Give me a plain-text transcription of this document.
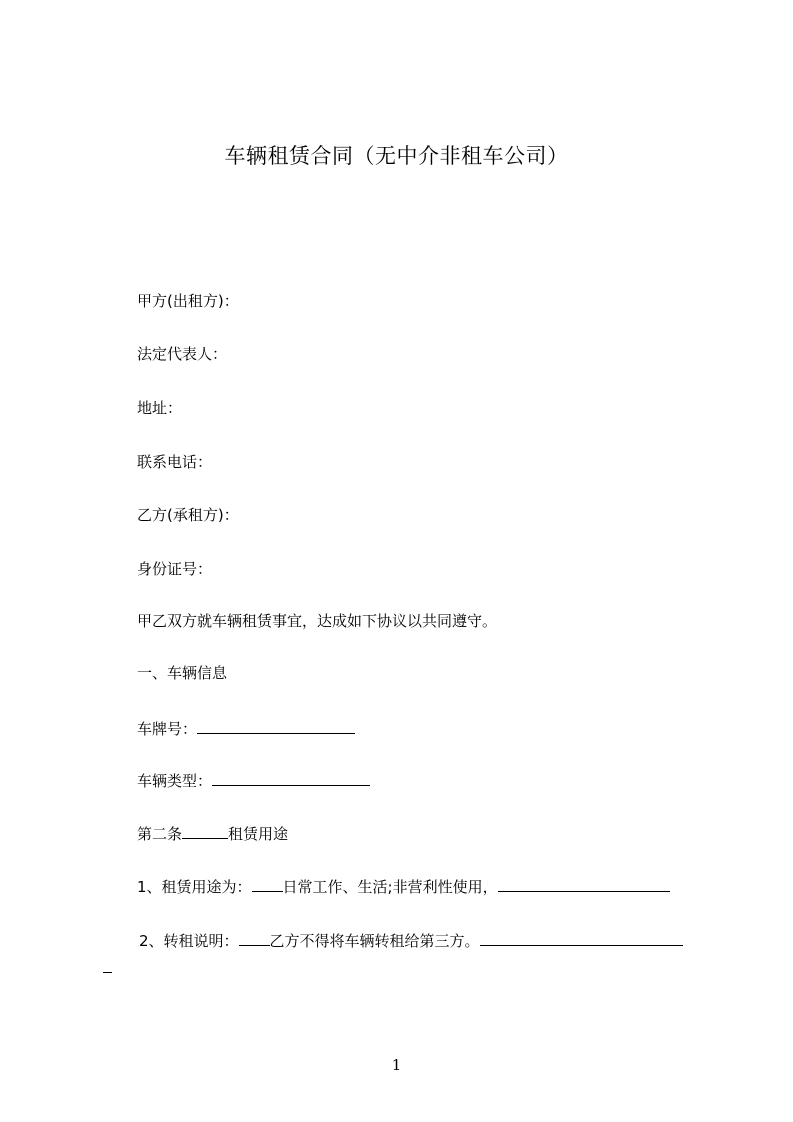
车辆租赁合同（无中介非租车公司）
甲方(出租方)：
法定代表人：
地址：
联系电话：
乙方(承租方)：
身份证号：
甲乙双方就车辆租赁事宜，达成如下协议以共同遵守。
一、车辆信息
车牌号：
车辆类型：
第二条	租赁用途
1、租赁用途为： 日常工作、生活;非营利性使用，
2、转租说明： 乙方不得将车辆转租给第三方。
1
